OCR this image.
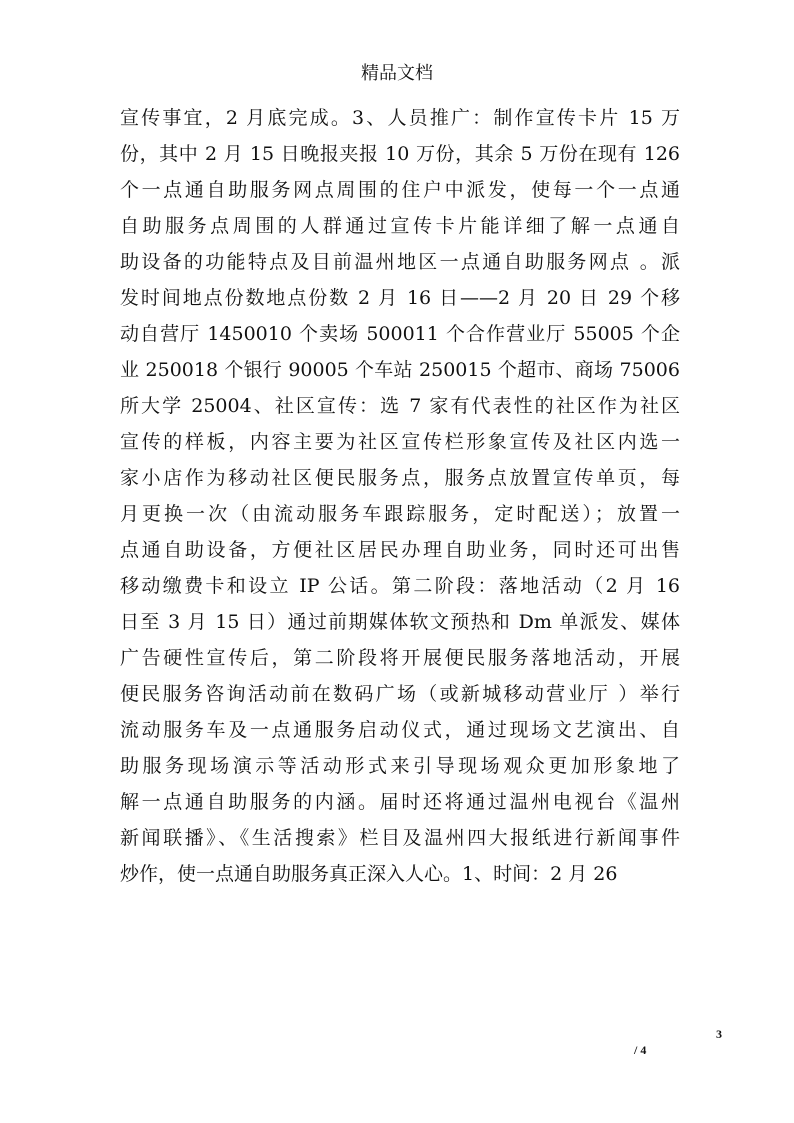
精品文档
宣传事宜，2 月底完成。3、人员推广：制作宣传卡片 15 万
份，其中 2 月 15 日晚报夹报 10 万份，其余 5 万份在现有 126
个一点通自助服务网点周围的住户中派发，使每一个一点通
自助服务点周围的人群通过宣传卡片能详细了解一点通自
助设备的功能特点及目前温州地区一点通自助服务网点 。派
发时间地点份数地点份数 2 月 16 日——2 月 20 日 29 个移
动自营厅 1450010 个卖场 500011 个合作营业厅 55005 个企
业 250018 个银行 90005 个车站 250015 个超市、商场 75006
所大学 25004、社区宣传：选 7 家有代表性的社区作为社区
宣传的样板，内容主要为社区宣传栏形象宣传及社区内选一
家小店作为移动社区便民服务点，服务点放置宣传单页，每
月更换一次（由流动服务车跟踪服务，定时配送）；放置一
点通自助设备，方便社区居民办理自助业务，同时还可出售
移动缴费卡和设立 IP 公话。第二阶段：落地活动（2 月 16
日至 3 月 15 日）通过前期媒体软文预热和 Dm 单派发、媒体
广告硬性宣传后，第二阶段将开展便民服务落地活动，开展
便民服务咨询活动前在数码广场（或新城移动营业厅 ）举行
流动服务车及一点通服务启动仪式，通过现场文艺演出、自
助服务现场演示等活动形式来引导现场观众更加形象地了
解一点通自助服务的内涵。届时还将通过温州电视台《温州
新闻联播》、《生活搜索》栏目及温州四大报纸进行新闻事件
炒作，使一点通自助服务真正深入人心。1、时间：2 月 26
3
/ 4
